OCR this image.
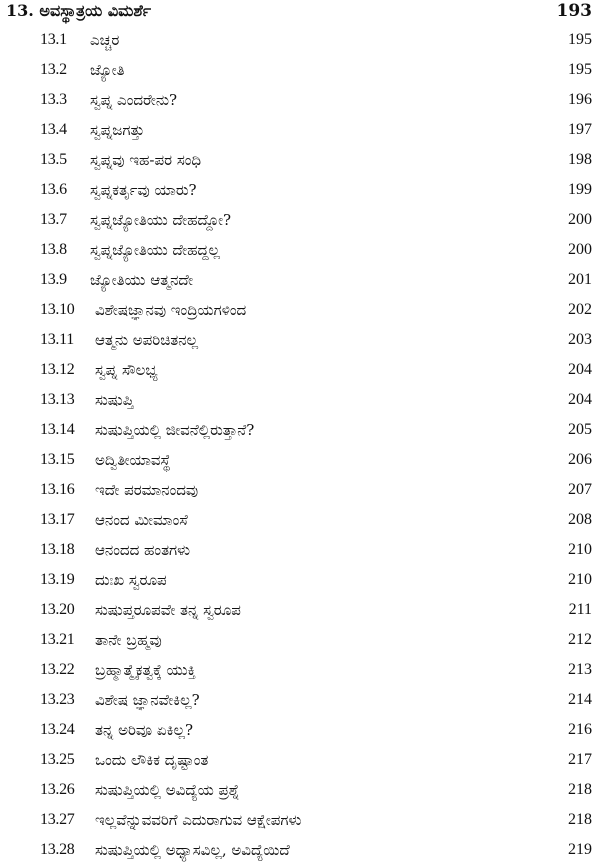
13. ಅವಸ್ಥಾತ್ರಯ ವಿಮರ್ಶೆ	193
13.1 ಎಚ್ಚರ	195
13.2 ಜ್ಯೋತಿ	195
13.3 ಸ್ವಪ್ನ ಎಂದರೇನು?	196
13.4 ಸ್ವಪ್ನಜಗತ್ತು	197
13.5 ಸ್ವಪ್ನವು ಇಹ-ಪರ ಸಂಧಿ	198
13.6 ಸ್ವಪ್ನಕರ್ತೃವು ಯಾರು?	199
13.7 ಸ್ವಪ್ನಜ್ಯೋತಿಯು ದೇಹದ್ದೋ?	200
13.8 ಸ್ವಪ್ನಜ್ಯೋತಿಯು ದೇಹದ್ದಲ್ಲ	200
13.9 ಜ್ಯೋತಿಯು ಆತ್ಮನದೇ	201
13.10 ವಿಶೇಷಜ್ಞಾನವು ಇಂದ್ರಿಯಗಳಿಂದ	202
13.11 ಆತ್ಮನು ಅಪರಿಚಿತನಲ್ಲ	203
13.12 ಸ್ವಪ್ನ ಸೌಲಭ್ಯ	204
13.13 ಸುಷುಪ್ತಿ	204
13.14 ಸುಷುಪ್ತಿಯಲ್ಲಿ ಜೀವನೆಲ್ಲಿರುತ್ತಾನೆ?	205
13.15 ಅದ್ವಿತೀಯಾವಸ್ಥೆ	206
13.16 ಇದೇ ಪರಮಾನಂದವು	207
13.17 ಆನಂದ ಮೀಮಾಂಸೆ	208
13.18 ಆನಂದದ ಹಂತಗಳು	210
13.19 ದುಃಖ ಸ್ವರೂಪ	210
13.20 ಸುಷುಪ್ತರೂಪವೇ ತನ್ನ ಸ್ವರೂಪ	211
13.21 ತಾನೇ ಬ್ರಹ್ಮವು	212
13.22 ಬ್ರಹ್ಮಾತ್ಮೈಕತ್ವಕ್ಕೆ ಯುಕ್ತಿ	213
13.23 ವಿಶೇಷ ಜ್ಞಾನವೇಕಿಲ್ಲ?	214
13.24 ತನ್ನ ಅರಿವೂ ಏಕಿಲ್ಲ?	216
13.25 ಒಂದು ಲೌಕಿಕ ದೃಷ್ಟಾಂತ	217
13.26 ಸುಷುಪ್ತಿಯಲ್ಲಿ ಅವಿದ್ಯೆಯ ಪ್ರಶ್ನೆ	218
13.27 ಇಲ್ಲವೆನ್ನುವವರಿಗೆ ಎದುರಾಗುವ ಆಕ್ಷೇಪಗಳು	218
13.28 ಸುಷುಪ್ತಿಯಲ್ಲಿ ಅಧ್ಯಾಸವಿಲ್ಲ, ಅವಿದ್ಯೆಯಿದೆ	219
